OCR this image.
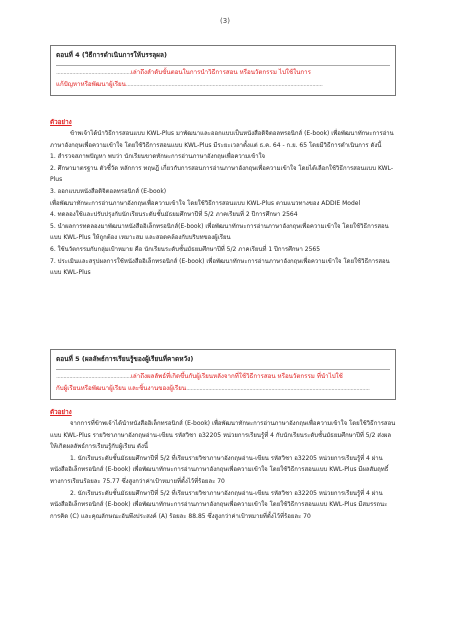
(3)
ตอนที่ 4 (วิธีการดำเนินการให้บรรลุผล)
...................................................เล่าถึงลำดับขั้นตอนในการนำวิธีการสอน หรือนวัตกรรม ไปใช้ในการ
แก้ปัญหาหรือพัฒนาผู้เรียน......................................................................................................................................
ตัวอย่าง

ข้าพเจ้าได้นำวิธีการสอนแบบ KWL-Plus มาพัฒนาและออกแบบเป็นหนังสือดิจิตอลทรอนิกส์ (E-book) เพื่อพัฒนาทักษะการอ่านภาษาอังกฤษเพื่อความเข้าใจ โดยใช้วิธีการสอนแบบ KWL-Plus มีระยะเวลาตั้งแต่ ธ.ค. 64 - ก.ย. 65 โดยมีวิธีการดำเนินการ ดังนี้

1. สำรวจสภาพปัญหา พบว่า นักเรียนขาดทักษะการอ่านภาษาอังกฤษเพื่อความเข้าใจ

2. ศึกษามาตรฐาน ตัวชี้วัด หลักการ ทฤษฎี เกี่ยวกับการสอนการอ่านภาษาอังกฤษเพื่อความเข้าใจ โดยได้เลือกใช้วิธีการสอนแบบ KWL-Plus

3. ออกแบบหนังสือดิจิตอลทรอนิกส์ (E-book)

เพื่อพัฒนาทักษะการอ่านภาษาอังกฤษเพื่อความเข้าใจ โดยใช้วิธีการสอนแบบ KWL-Plus ตามแนวทางของ ADDIE Model

4. ทดลองใช้และปรับปรุงกับนักเรียนระดับชั้นมัธยมศึกษาปีที่ 5/2 ภาคเรียนที่ 2 ปีการศึกษา 2564

5. นำผลการทดลองมาพัฒนาหนังสืออิเล็กทรอนิกส์(E-book) เพื่อพัฒนาทักษะการอ่านภาษาอังกฤษเพื่อความเข้าใจ โดยใช้วิธีการสอนแบบ KWL-Plus ให้ถูกต้อง เหมาะสม และสอดคล้องกับบริบทของผู้เรียน

6. ใช้นวัตกรรมกับกลุ่มเป้าหมาย คือ นักเรียนระดับชั้นมัธยมศึกษาปีที่ 5/2 ภาคเรียนที่ 1 ปีการศึกษา 2565

7. ประเมินและสรุปผลการใช้หนังสืออิเล็กทรอนิกส์ (E-book) เพื่อพัฒนาทักษะการอ่านภาษาอังกฤษเพื่อความเข้าใจ โดยใช้วิธีการสอนแบบ KWL-Plus

ตอนที่ 5 (ผลลัพธ์การเรียนรู้ของผู้เรียนที่คาดหวัง)
...................................................เล่าถึงผลลัพธ์ที่เกิดขึ้นกับผู้เรียนหลังจากที่ใช้วิธีการสอน หรือนวัตกรรม ที่นำไปใช้
กับผู้เรียนหรือพัฒนาผู้เรียน และชิ้นงานของผู้เรียน.............................................................................................................................
ตัวอย่าง

จากการที่ข้าพเจ้าได้นำหนังสืออิเล็กทรอนิกส์ (E-book) เพื่อพัฒนาทักษะการอ่านภาษาอังกฤษเพื่อความเข้าใจ โดยใช้วิธีการสอนแบบ KWL-Plus รายวิชาภาษาอังกฤษอ่าน-เขียน รหัสวิชา อ32205 หน่วยการเรียนรู้ที่ 4 กับนักเรียนระดับชั้นมัธยมศึกษาปีที่ 5/2 ส่งผลให้เกิดผลลัพธ์การเรียนรู้กับผู้เรียน ดังนี้

1. นักเรียนระดับชั้นมัธยมศึกษาปีที่ 5/2 ที่เรียนรายวิชาภาษาอังกฤษอ่าน-เขียน รหัสวิชา อ32205 หน่วยการเรียนรู้ที่ 4 ผ่านหนังสืออิเล็กทรอนิกส์ (E-book) เพื่อพัฒนาทักษะการอ่านภาษาอังกฤษเพื่อความเข้าใจ โดยใช้วิธีการสอนแบบ KWL-Plus มีผลสัมฤทธิ์ทางการเรียนร้อยละ 75.77 ซึ่งสูงกว่าค่าเป้าหมายที่ตั้งไว้ที่ร้อยละ 70

2. นักเรียนระดับชั้นมัธยมศึกษาปีที่ 5/2 ที่เรียนรายวิชาภาษาอังกฤษอ่าน-เขียน รหัสวิชา อ32205 หน่วยการเรียนรู้ที่ 4 ผ่านหนังสืออิเล็กทรอนิกส์ (E-book) เพื่อพัฒนาทักษะการอ่านภาษาอังกฤษเพื่อความเข้าใจ โดยใช้วิธีการสอนแบบ KWL-Plus มีสมรรถนะการคิด (C) และคุณลักษณะอันพึงประสงค์ (A) ร้อยละ 88.85 ซึ่งสูงกว่าค่าเป้าหมายที่ตั้งไว้ที่ร้อยละ 70
